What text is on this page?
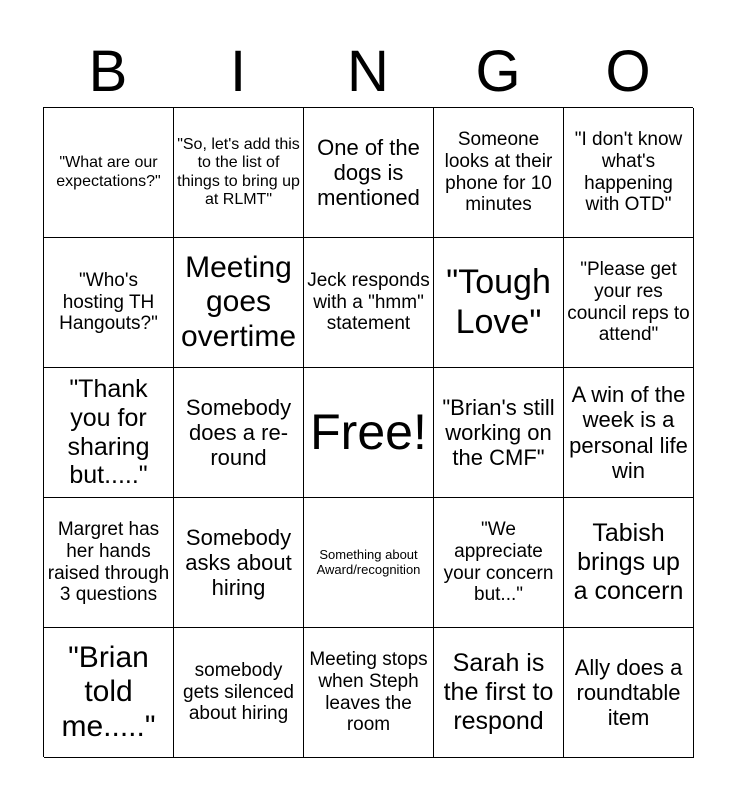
B	I	N	G	O
"What are our expectations?"
"So, let's add this to the list of things to bring up at RLMT"
One of the dogs is mentioned
Someone looks at their phone for 10 minutes
"I don't know what's happening with OTD"
"Who's hosting TH Hangouts?"
Meeting goes overtime
Jeck responds with a "hmm" statement
"Tough Love"
"Please get your res council reps to attend"
"Thank you for sharing but....."
Somebody does a re-round Free! "Brian's still working on the CMF"
A win of the week is a personal life win
Margret has her hands raised through 3 questions
Somebody asks about hiring
Something about Award/recognition
"We appreciate your concern but..."
Tabish brings up a concern
"Brian told me....."
somebody gets silenced about hiring
Meeting stops when Steph leaves the room
Sarah is the first to respond
Ally does a roundtable item
